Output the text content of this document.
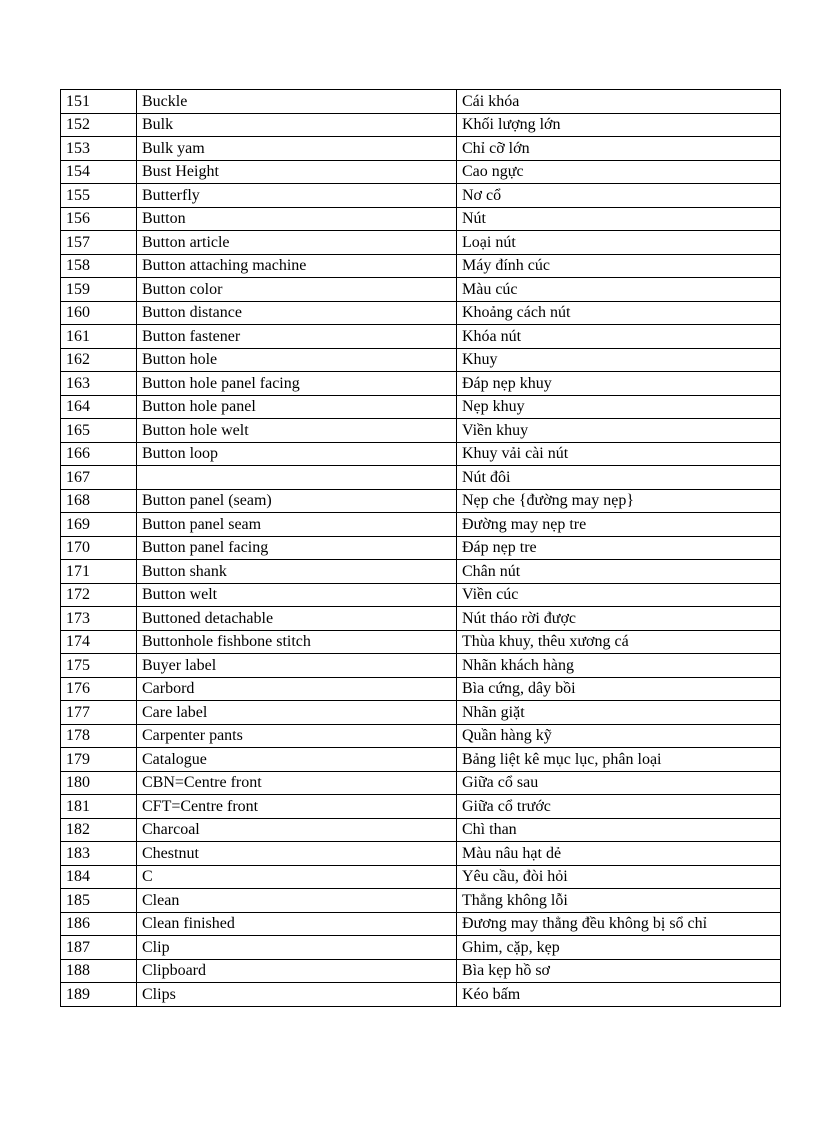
151	Buckle	Cái khóa
152	Bulk	Khối lượng lớn
153	Bulk yam	Chỉ cỡ lớn
154	Bust Height	Cao ngực
155	Butterfly	Nơ cổ
156	Button	Nút
157	Button article	Loại nút
158	Button attaching machine	Máy đính cúc
159	Button color	Màu cúc
160	Button distance	Khoảng cách nút
161	Button fastener	Khóa nút
162	Button hole	Khuy
163	Button hole panel facing	Đáp nẹp khuy
164	Button hole panel	Nẹp khuy
165	Button hole welt	Viền khuy
166	Button loop	Khuy vải cài nút
167		Nút đôi
168	Button panel (seam)	Nẹp che {đường may nẹp}
169	Button panel seam	Đường may nẹp tre
170	Button panel facing	Đáp nẹp tre
171	Button shank	Chân nút
172	Button welt	Viền cúc
173	Buttoned detachable	Nút tháo rời được
174	Buttonhole fishbone stitch	Thùa khuy, thêu xương cá
175	Buyer label	Nhãn khách hàng
176	Carbord	Bìa cứng, dây bồi
177	Care label	Nhãn giặt
178	Carpenter pants	Quần hàng kỹ
179	Catalogue	Bảng liệt kê mục lục, phân loại
180	CBN=Centre front	Giữa cổ sau
181	CFT=Centre front	Giữa cổ trước
182	Charcoal	Chì than
183	Chestnut	Màu nâu hạt dẻ
184	C	Yêu cầu, đòi hỏi
185	Clean	Thẳng không lỗi
186	Clean finished	Đương may thẳng đều không bị sổ chỉ
187	Clip	Ghim, cặp, kẹp
188	Clipboard	Bìa kẹp hồ sơ
189	Clips	Kéo bấm
